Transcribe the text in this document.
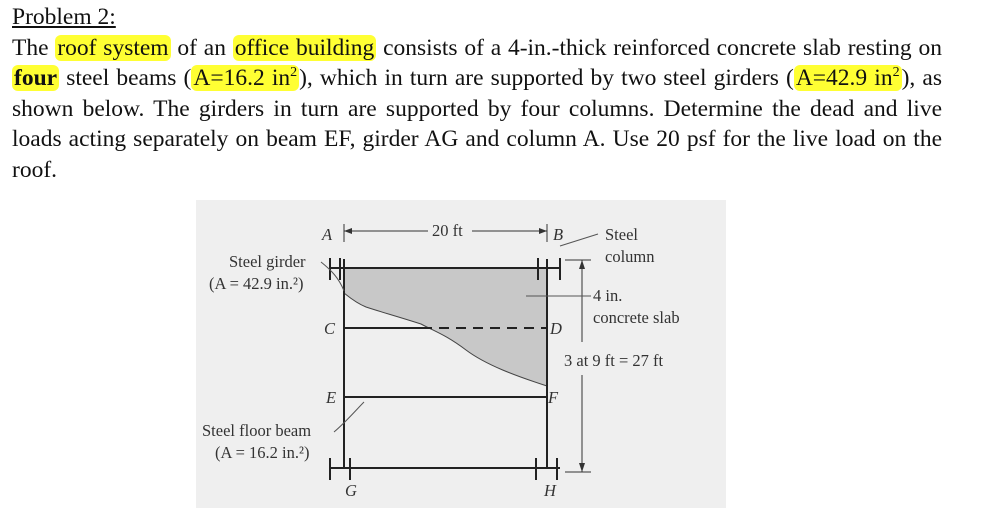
Problem 2:
The roof system of an office building consists of a 4-in.-thick reinforced concrete slab resting on four steel beams (A=16.2 $in^2$), which in turn are supported by two steel girders (A=42.9 $in^2$), as shown below. The girders in turn are supported by four columns. Determine the dead and live loads acting separately on beam EF, girder AG and column A. Use 20 psf for the live load on the roof.
20 ft
3 at 9 ft = 27 ft
A	B
C	D
E	F
G	H
Steel
column
4 in.
concrete slab
Steel girder
(A = 42.9 in.²)
Steel floor beam
(A = 16.2 in.²)
